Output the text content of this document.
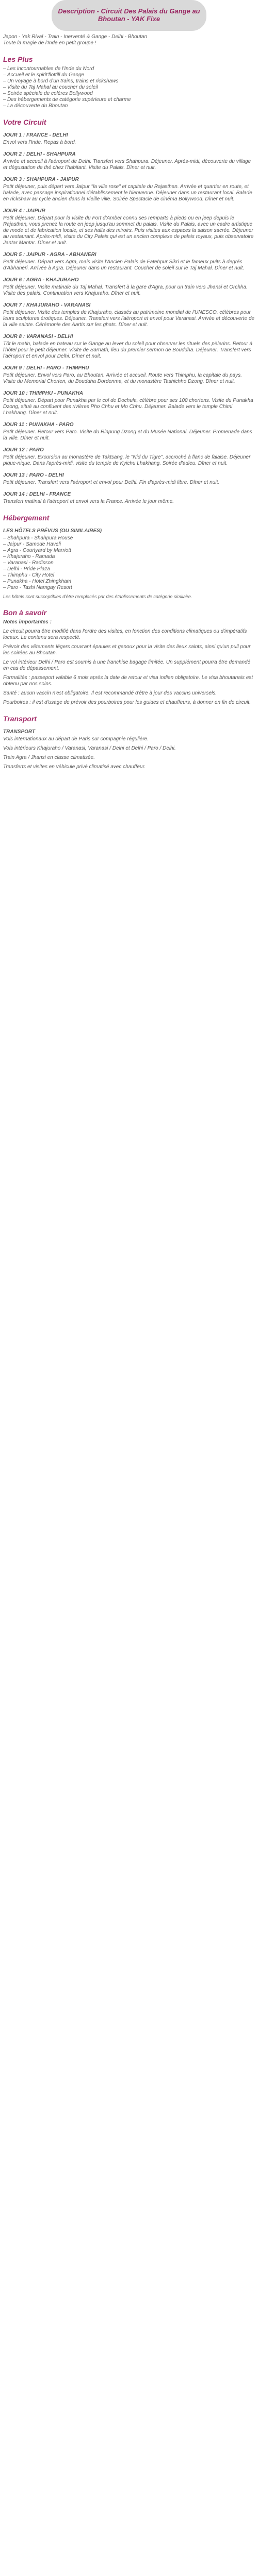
Description - Circuit Des Palais du Gange au
Bhoutan - YAK Fixe

Japon - Yak Rival - Train - Inerventé & Gange - Delhi - Bhoutan

Toute la magie de l'Inde en petit groupe !

Les Plus
– Les incontournables de l'Inde du Nord
– Accueil et le spirit'flottill du Gange
– Un voyage à bord d'un trains, trains et rickshaws
– Visite du Taj Mahal au coucher du soleil
– Soirée spéciale de colères Bollywood
– Des hébergements de catégorie supérieure et charme
– La découverte du Bhoutan
Votre Circuit
JOUR 1 : FRANCE - DELHI

Envol vers l'Inde. Repas à bord.

JOUR 2 : DELHI - SHAHPURA

Arrivée et accueil à l'aéroport de Delhi. Transfert vers Shahpura. Déjeuner. Après-midi, découverte du village et dégustation de thé chez l'habitant. Visite du Palais. Dîner et nuit.

JOUR 3 : SHAHPURA - JAIPUR

Petit déjeuner, puis départ vers Jaipur "la ville rose" et capitale du Rajasthan. Arrivée et quartier en route, et balade, avec passage inspirationnel d'établissement le bienvenue. Déjeuner dans un restaurant local. Balade en rickshaw au cycle ancien dans la vieille ville. Soirée Spectacle de cinéma Bollywood. Dîner et nuit.

JOUR 4 : JAIPUR

Petit déjeuner. Départ pour la visite du Fort d'Amber connu ses remparts à pieds ou en jeep depuis le Rajasthan, vous prenez la route en jeep jusqu'au sommet du palais. Visite du Palais, avec un cadre artistique de mode et de fabrication locale, et ses halls des miroirs. Puis visites aux espaces la saison sacrée. Déjeuner au restaurant. Après-midi, visite du City Palais qui est un ancien complexe de palais royaux, puis observatoire Jantar Mantar. Dîner et nuit.

JOUR 5 : JAIPUR - AGRA - ABHANERI

Petit déjeuner. Départ vers Agra, mais visite l'Ancien Palais de Fatehpur Sikri et le fameux puits à degrés d'Abhaneri. Arrivée à Agra. Déjeuner dans un restaurant. Coucher de soleil sur le Taj Mahal. Dîner et nuit.

JOUR 6 : AGRA - KHAJURAHO

Petit déjeuner. Visite matinale du Taj Mahal. Transfert à la gare d'Agra, pour un train vers Jhansi et Orchha. Visite des palais. Continuation vers Khajuraho. Dîner et nuit.

JOUR 7 : KHAJURAHO - VARANASI

Petit déjeuner. Visite des temples de Khajuraho, classés au patrimoine mondial de l'UNESCO, célèbres pour leurs sculptures érotiques. Déjeuner. Transfert vers l'aéroport et envol pour Varanasi. Arrivée et découverte de la ville sainte. Cérémonie des Aartis sur les ghats. Dîner et nuit.

JOUR 8 : VARANASI - DELHI

Tôt le matin, balade en bateau sur le Gange au lever du soleil pour observer les rituels des pèlerins. Retour à l'hôtel pour le petit déjeuner. Visite de Sarnath, lieu du premier sermon de Bouddha. Déjeuner. Transfert vers l'aéroport et envol pour Delhi. Dîner et nuit.

JOUR 9 : DELHI - PARO - THIMPHU

Petit déjeuner. Envol vers Paro, au Bhoutan. Arrivée et accueil. Route vers Thimphu, la capitale du pays. Visite du Memorial Chorten, du Bouddha Dordenma, et du monastère Tashichho Dzong. Dîner et nuit.

JOUR 10 : THIMPHU - PUNAKHA

Petit déjeuner. Départ pour Punakha par le col de Dochula, célèbre pour ses 108 chortens. Visite du Punakha Dzong, situé au confluent des rivières Pho Chhu et Mo Chhu. Déjeuner. Balade vers le temple Chimi Lhakhang. Dîner et nuit.

JOUR 11 : PUNAKHA - PARO

Petit déjeuner. Retour vers Paro. Visite du Rinpung Dzong et du Musée National. Déjeuner. Promenade dans la ville. Dîner et nuit.

JOUR 12 : PARO

Petit déjeuner. Excursion au monastère de Taktsang, le "Nid du Tigre", accroché à flanc de falaise. Déjeuner pique-nique. Dans l'après-midi, visite du temple de Kyichu Lhakhang. Soirée d'adieu. Dîner et nuit.

JOUR 13 : PARO - DELHI

Petit déjeuner. Transfert vers l'aéroport et envol pour Delhi. Fin d'après-midi libre. Dîner et nuit.

JOUR 14 : DELHI - FRANCE

Transfert matinal à l'aéroport et envol vers la France. Arrivée le jour même.

Hébergement
LES HÔTELS PRÉVUS (OU SIMILAIRES)
– Shahpura - Shahpura House
– Jaipur - Samode Haveli
– Agra - Courtyard by Marriott
– Khajuraho - Ramada
– Varanasi - Radisson
– Delhi - Pride Plaza
– Thimphu - City Hotel
– Punakha - Hotel Zhingkham
– Paro - Tashi Namgay Resort

Les hôtels sont susceptibles d'être remplacés par des établissements de catégorie similaire.

Bon à savoir

Notes importantes :

Le circuit pourra être modifié dans l'ordre des visites, en fonction des conditions climatiques ou d'impératifs locaux. Le contenu sera respecté.

Prévoir des vêtements légers couvrant épaules et genoux pour la visite des lieux saints, ainsi qu'un pull pour les soirées au Bhoutan.

Le vol intérieur Delhi / Paro est soumis à une franchise bagage limitée. Un supplément pourra être demandé en cas de dépassement.

Formalités : passeport valable 6 mois après la date de retour et visa indien obligatoire. Le visa bhoutanais est obtenu par nos soins.

Santé : aucun vaccin n'est obligatoire. Il est recommandé d'être à jour des vaccins universels.

Pourboires : il est d'usage de prévoir des pourboires pour les guides et chauffeurs, à donner en fin de circuit.

Transport
TRANSPORT

Vols internationaux au départ de Paris sur compagnie régulière.

Vols intérieurs Khajuraho / Varanasi, Varanasi / Delhi et Delhi / Paro / Delhi.

Train Agra / Jhansi en classe climatisée.

Transferts et visites en véhicule privé climatisé avec chauffeur.
